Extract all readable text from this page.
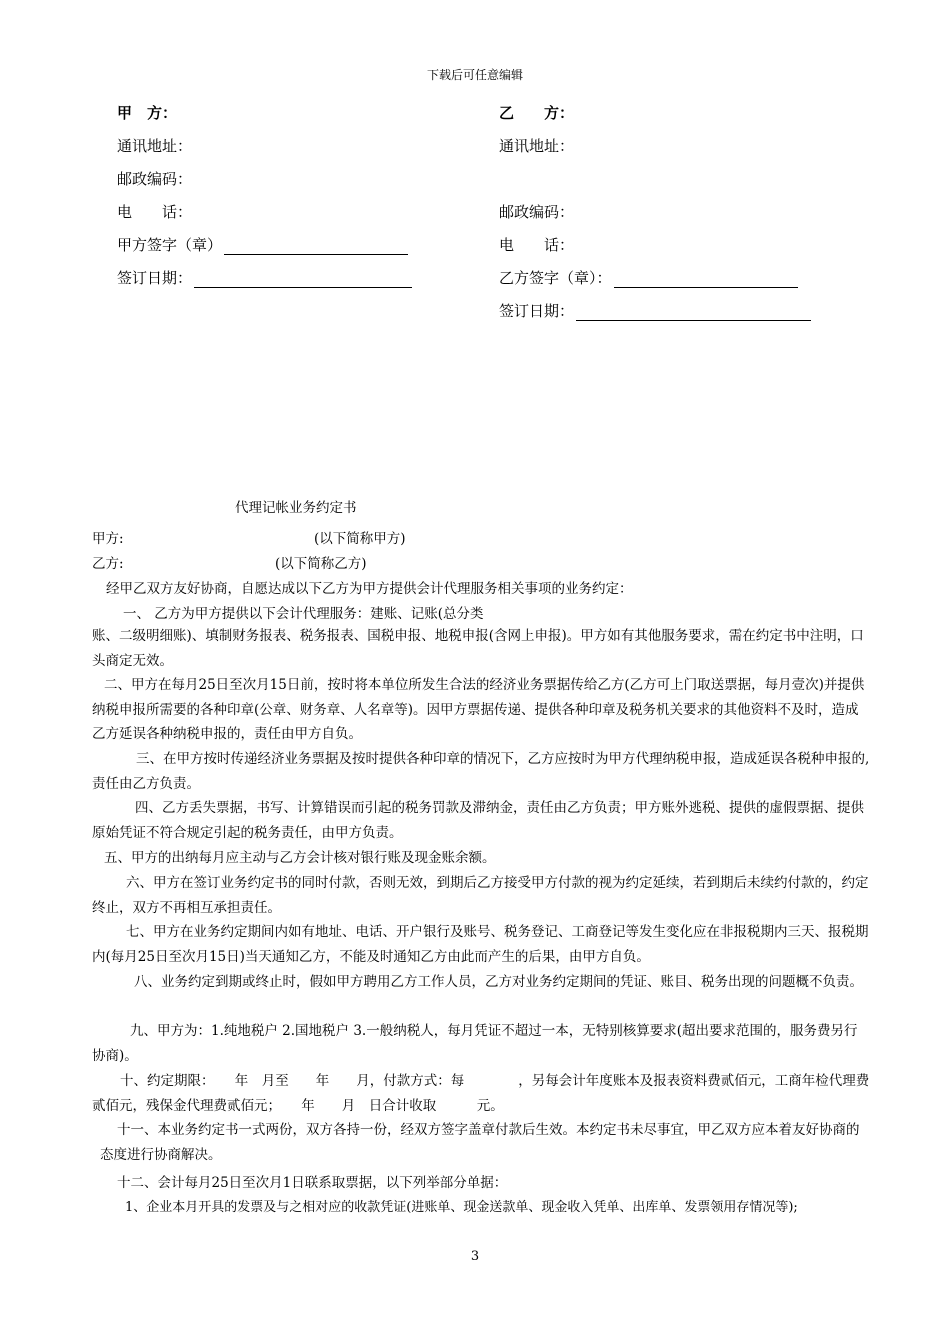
下载后可任意编辑
甲　方：
通讯地址：
邮政编码：
电　　话：
甲方签字（章）
签订日期：
乙　　方：
通讯地址：
邮政编码：
电　　话：
乙方签字（章）：
签订日期：
代理记帐业务约定书
甲方:	(以下简称甲方)
乙方:	(以下简称乙方)
经甲乙双方友好协商，自愿达成以下乙方为甲方提供会计代理服务相关事项的业务约定：
一、 乙方为甲方提供以下会计代理服务：建账、记账(总分类
账、二级明细账)、填制财务报表、税务报表、国税申报、地税申报(含网上申报)。甲方如有其他服务要求，需在约定书中注明，口头商定无效。
二、甲方在每月25日至次月15日前，按时将本单位所发生合法的经济业务票据传给乙方(乙方可上门取送票据，每月壹次)并提供纳税申报所需要的各种印章(公章、财务章、人名章等)。因甲方票据传递、提供各种印章及税务机关要求的其他资料不及时，造成乙方延误各种纳税申报的，责任由甲方自负。
三、在甲方按时传递经济业务票据及按时提供各种印章的情况下，乙方应按时为甲方代理纳税申报，造成延误各税种申报的, 责任由乙方负责。
四、乙方丢失票据，书写、计算错误而引起的税务罚款及滞纳金，责任由乙方负责；甲方账外逃税、提供的虚假票据、提供原始凭证不符合规定引起的税务责任，由甲方负责。
五、甲方的出纳每月应主动与乙方会计核对银行账及现金账余额。
六、甲方在签订业务约定书的同时付款，否则无效，到期后乙方接受甲方付款的视为约定延续，若到期后未续约付款的，约定终止，双方不再相互承担责任。
七、甲方在业务约定期间内如有地址、电话、开户银行及账号、税务登记、工商登记等发生变化应在非报税期内三天、报税期内(每月25日至次月15日)当天通知乙方，不能及时通知乙方由此而产生的后果，由甲方自负。
八、业务约定到期或终止时，假如甲方聘用乙方工作人员，乙方对业务约定期间的凭证、账目、税务出现的问题概不负责。
九、甲方为：1.纯地税户 2.国地税户 3.一般纳税人，每月凭证不超过一本，无特别核算要求(超出要求范围的，服务费另行协商)。
十、约定期限：　　年　月至　　年　　月，付款方式：每　　　　，另每会计年度账本及报表资料费贰佰元，工商年检代理费贰佰元，残保金代理费贰佰元；　　年　　月　日合计收取　　　元。
十一、本业务约定书一式两份，双方各持一份，经双方签字盖章付款后生效。本约定书未尽事宜，甲乙双方应本着友好协商的态度进行协商解决。
十二、会计每月25日至次月1日联系取票据，以下列举部分单据：
1、企业本月开具的发票及与之相对应的收款凭证(进账单、现金送款单、现金收入凭单、出库单、发票领用存情况等);
3
